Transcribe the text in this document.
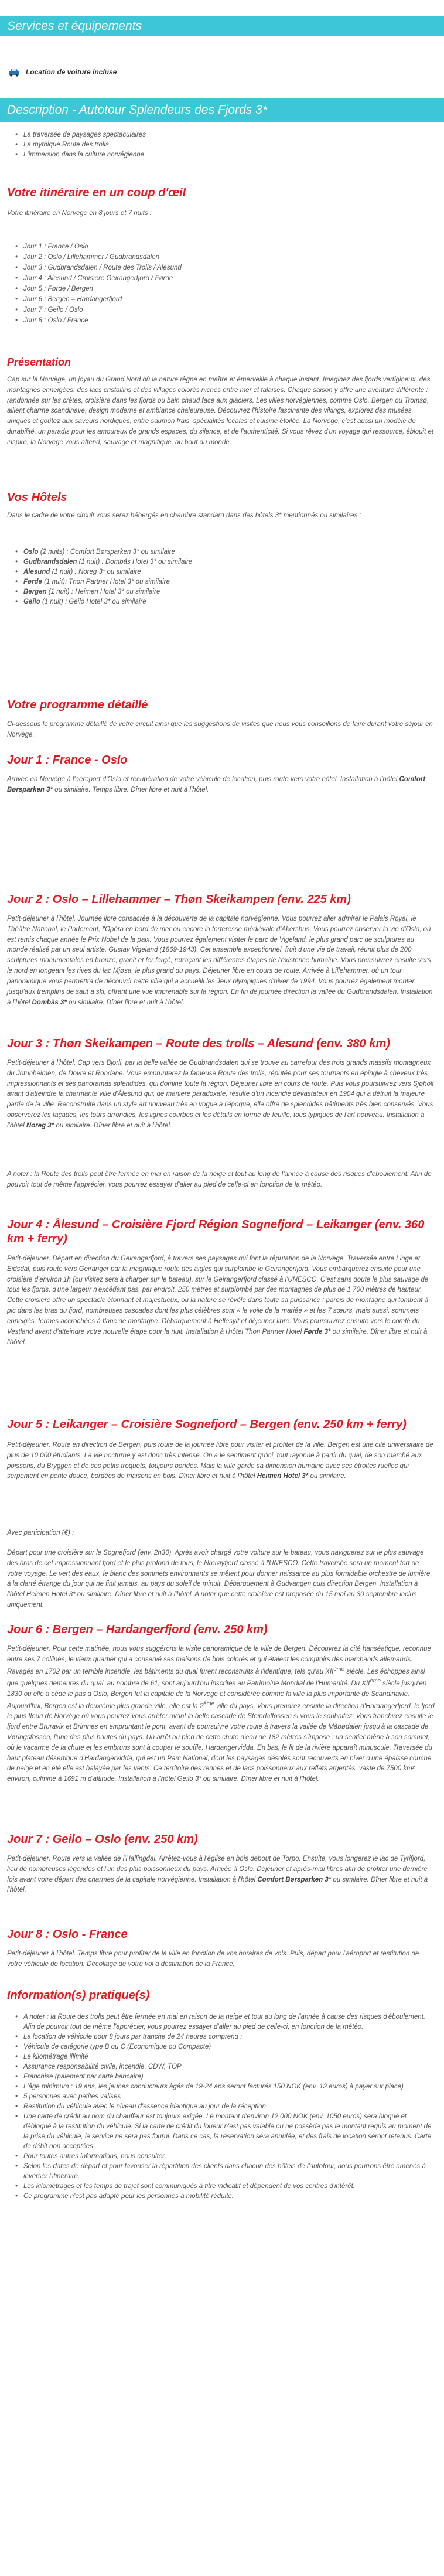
Services et équipements
Location de voiture incluse
Description - Autotour Splendeurs des Fjords 3*
• La traversée de paysages spectaculaires
• La mythique Route des trolls
• L'immersion dans la culture norvégienne
Votre itinéraire en un coup d'œil

Votre itinéraire en Norvège en 8 jours et 7 nuits :

• Jour 1 : France / Oslo
• Jour 2 : Oslo / Lillehammer / Gudbrandsdalen
• Jour 3 : Gudbrandsdalen / Route des Trolls / Alesund
• Jour 4 : Alesund / Croisière Geirangerfjord / Førde
• Jour 5 : Førde / Bergen
• Jour 6 : Bergen – Hardangerfjord
• Jour 7 : Geilo / Oslo
• Jour 8 : Oslo / France
Présentation

Cap sur la Norvège, un joyau du Grand Nord où la nature règne en maître et émerveille à chaque instant. Imaginez des fjords vertigineux, des montagnes enneigées, des lacs cristallins et des villages colorés nichés entre mer et falaises. Chaque saison y offre une aventure différente : randonnée sur les crêtes, croisière dans les fjords ou bain chaud face aux glaciers. Les villes norvégiennes, comme Oslo, Bergen ou Tromsø, allient charme scandinave, design moderne et ambiance chaleureuse. Découvrez l'histoire fascinante des vikings, explorez des musées uniques et goûtez aux saveurs nordiques, entre saumon frais, spécialités locales et cuisine étoilée. La Norvège, c'est aussi un modèle de durabilité, un paradis pour les amoureux de grands espaces, du silence, et de l'authenticité. Si vous rêvez d'un voyage qui ressource, éblouit et inspire, la Norvège vous attend, sauvage et magnifique, au bout du monde.

Vos Hôtels

Dans le cadre de votre circuit vous serez hébergés en chambre standard dans des hôtels 3* mentionnés ou similaires :

• Oslo (2 nuits) : Comfort Børsparken 3* ou similaire
• Gudbrandsdalen (1 nuit) : Dombås Hotel 3* ou similaire
• Alesund (1 nuit) : Noreg 3* ou similaire
• Førde (1 nuit): Thon Partner Hotel 3* ou similaire
• Bergen (1 nuit) : Heimen Hotel 3* ou similaire
• Geilo (1 nuit) : Geilo Hotel 3* ou similaire
Votre programme détaillé

Ci-dessous le programme détaillé de votre circuit ainsi que les suggestions de visites que nous vous conseillons de faire durant votre séjour en Norvège.

Jour 1 : France - Oslo

Arrivée en Norvège à l'aéroport d'Oslo et récupération de votre véhicule de location, puis route vers votre hôtel. Installation à l'hôtel Comfort Børsparken 3* ou similaire. Temps libre. Dîner libre et nuit à l'hôtel.

Jour 2 : Oslo – Lillehammer – Thøn Skeikampen (env. 225 km)

Petit-déjeuner à l'hôtel. Journée libre consacrée à la découverte de la capitale norvégienne. Vous pourrez aller admirer le Palais Royal, le Théâtre National, le Parlement, l'Opéra en bord de mer ou encore la forteresse médiévale d'Akershus. Vous pourrez observer la vie d'Oslo, où est remis chaque année le Prix Nobel de la paix. Vous pourrez également visiter le parc de Vigeland, le plus grand parc de sculptures au monde réalisé par un seul artiste, Gustav Vigeland (1869-1943). Cet ensemble exceptionnel, fruit d'une vie de travail, réunit plus de 200 sculptures monumentales en bronze, granit et fer forgé, retraçant les différentes étapes de l'existence humaine. Vous poursuivrez ensuite vers le nord en longeant les rives du lac Mjøsa, le plus grand du pays. Déjeuner libre en cours de route. Arrivée à Lillehammer, où un tour panoramique vous permettra de découvrir cette ville qui a accueilli les Jeux olympiques d'hiver de 1994. Vous pourrez également monter jusqu'aux tremplins de saut à ski, offrant une vue imprenable sur la région. En fin de journée direction la vallée du Gudbrandsdalen. Installation à l'hôtel Dombås 3* ou similaire. Dîner libre et nuit à l'hôtel.

Jour 3 : Thøn Skeikampen – Route des trolls – Alesund (env. 380 km)

Petit-déjeuner à l'hôtel. Cap vers Bjorli, par la belle vallée de Gudbrandsdalen qui se trouve au carrefour des trois grands massifs montagneux du Jotunheimen, de Dovre et Rondane. Vous emprunterez la fameuse Route des trolls, réputée pour ses tournants en épingle à cheveux très impressionnants et ses panoramas splendides, qui domine toute la région. Déjeuner libre en cours de route. Puis vous poursuivrez vers Sjøholt avant d'atteindre la charmante ville d'Ålesund qui, de manière paradoxale, résulte d'un incendie dévastateur en 1904 qui a détruit la majeure partie de la ville. Reconstruite dans un style art nouveau très en vogue à l'époque, elle offre de splendides bâtiments très bien conservés. Vous observerez les façades, les tours arrondies, les lignes courbes et les détails en forme de feuille, tous typiques de l'art nouveau. Installation à l'hôtel Noreg 3* ou similaire. Dîner libre et nuit à l'hôtel.

A noter : la Route des trolls peut être fermée en mai en raison de la neige et tout au long de l'année à cause des risques d'éboulement. Afin de pouvoir tout de même l'apprécier, vous pourrez essayer d'aller au pied de celle-ci en fonction de la météo.

Jour 4 : Ålesund – Croisière Fjord Région Sognefjord – Leikanger (env. 360 km + ferry)

Petit-déjeuner. Départ en direction du Geirangerfjord, à travers ses paysages qui font la réputation de la Norvège. Traversée entre Linge et Eidsdal, puis route vers Geiranger par la magnifique route des aigles qui surplombe le Geirangerfjord. Vous embarquerez ensuite pour une croisière d'environ 1h (ou visitez sera à charger sur le bateau), sur le Geirangerfjord classé à l'UNESCO. C'est sans doute le plus sauvage de tous les fjords, d'une largeur n'excédant pas, par endroit, 250 mètres et surplombé par des montagnes de plus de 1 700 mètres de hauteur. Cette croisière offre un spectacle étonnant et majestueux, où la nature se révèle dans toute sa puissance : parois de montagne qui tombent à pic dans les bras du fjord, nombreuses cascades dont les plus célèbres sont « le voile de la mariée » et les 7 sœurs, mais aussi, sommets enneigés, fermes accrochées à flanc de montagne. Débarquement à Hellesylt et déjeuner libre. Vous poursuivrez ensuite vers le comté du Vestland avant d'atteindre votre nouvelle étape pour la nuit. Installation à l'hôtel Thon Partner Hotel Førde 3* ou similaire. Dîner libre et nuit à l'hôtel.

Jour 5 : Leikanger – Croisière Sognefjord – Bergen (env. 250 km + ferry)

Petit-déjeuner. Route en direction de Bergen, puis route de la journée libre pour visiter et profiter de la ville. Bergen est une cité universitaire de plus de 10 000 étudiants. La vie nocturne y est donc très intense. On a le sentiment qu'ici, tout rayonne à partir du quai, de son marché aux poissons, du Bryggen et de ses petits troquets, toujours bondés. Mais la ville garde sa dimension humaine avec ses étroites ruelles qui serpentent en pente douce, bordées de maisons en bois. Dîner libre et nuit à l'hôtel Heimen Hotel 3* ou similaire.

Avec participation (€) :

Départ pour une croisière sur le Sognefjord (env. 2h30). Après avoir chargé votre voiture sur le bateau, vous naviguerez sur le plus sauvage des bras de cet impressionnant fjord et le plus profond de tous, le Nærøyfjord classé à l'UNESCO. Cette traversée sera un moment fort de votre voyage. Le vert des eaux, le blanc des sommets environnants se mêlent pour donner naissance au plus formidable orchestre de lumière, à la clarté étrange du jour qui ne finit jamais, au pays du soleil de minuit. Débarquement à Gudvangen puis direction Bergen. Installation à l'hôtel Heimen Hotel 3* ou similaire. Dîner libre et nuit à l'hôtel. A noter que cette croisière est proposée du 15 mai au 30 septembre inclus uniquement.

Jour 6 : Bergen – Hardangerfjord (env. 250 km)

Petit-déjeuner. Pour cette matinée, nous vous suggérons la visite panoramique de la ville de Bergen. Découvrez la cité hanséatique, reconnue entre ses 7 collines, le vieux quartier qui a conservé ses maisons de bois colorés et qui étaient les comptoirs des marchands allemands. Ravagés en 1702 par un terrible incendie, les bâtiments du quai furent reconstruits à l'identique, tels qu'au XIIème siècle. Les échoppes ainsi que quelques demeures du quai, au nombre de 61, sont aujourd'hui inscrites au Patrimoine Mondial de l'Humanité. Du XIIème siècle jusqu'en 1830 ou elle a cédé le pas à Oslo, Bergen fut la capitale de la Norvège et considérée comme la ville la plus importante de Scandinavie. Aujourd'hui, Bergen est la deuxième plus grande ville, elle est la 2ème ville du pays. Vous prendrez ensuite la direction d'Hardangerfjord, le fjord le plus fleuri de Norvège où vous pourrez vous arrêter avant la belle cascade de Steindalfossen si vous le souhaitez. Vous franchirez ensuite le fjord entre Bruravik et Brimnes en empruntant le pont, avant de poursuivre votre route à travers la vallée de Måbødalen jusqu'à la cascade de Vøringsfossen, l'une des plus hautes du pays. Un arrêt au pied de cette chute d'eau de 182 mètres s'impose : un sentier mène à son sommet, où le vacarme de la chute et les embruns sont à couper le souffle. Hardangervidda. En bas, le lit de la rivière apparaît minuscule. Traversée du haut plateau désertique d'Hardangervidda, qui est un Parc National, dont les paysages désolés sont recouverts en hiver d'une épaisse couche de neige et en été elle est balayée par les vents. Ce territoire des rennes et de lacs poissonneux aux reflets argentés, vaste de 7500 km² environ, culmine à 1691 m d'altitude. Installation à l'hôtel Geilo 3* ou similaire. Dîner libre et nuit à l'hôtel.

Jour 7 : Geilo – Oslo (env. 250 km)

Petit-déjeuner. Route vers la vallée de l'Hallingdal. Arrêtez-vous à l'église en bois debout de Torpo. Ensuite, vous longerez le lac de Tyrifjord, lieu de nombreuses légendes et l'un des plus poissonneux du pays. Arrivée à Oslo. Déjeuner et après-midi libres afin de profiter une dernière fois avant votre départ des charmes de la capitale norvégienne. Installation à l'hôtel Comfort Børsparken 3* ou similaire. Dîner libre et nuit à l'hôtel.

Jour 8 : Oslo - France

Petit-déjeuner à l'hôtel. Temps libre pour profiter de la ville en fonction de vos horaires de vols. Puis, départ pour l'aéroport et restitution de votre véhicule de location. Décollage de votre vol à destination de la France.

Information(s) pratique(s)
• A noter : la Route des trolls peut être fermée en mai en raison de la neige et tout au long de l'année à cause des risques d'éboulement. Afin de pouvoir tout de même l'apprécier, vous pourrez essayer d'aller au pied de celle-ci, en fonction de la météo.
• La location de véhicule pour 8 jours par tranche de 24 heures comprend :
• Véhicule de catégorie type B ou C (Economique ou Compacte)
• Le kilométrage illimité
• Assurance responsabilité civile, incendie, CDW, TOP
• Franchise (paiement par carte bancaire)
• L'âge minimum : 19 ans, les jeunes conducteurs âgés de 19-24 ans seront facturés 150 NOK (env. 12 euros) à payer sur place)
• 5 personnes avec petites valises
• Restitution du véhicule avec le niveau d'essence identique au jour de la réception
• Une carte de crédit au nom du chauffeur est toujours exigée. Le montant d'environ 12 000 NOK (env. 1050 euros) sera bloqué et débloqué à la restitution du véhicule. Si la carte de crédit du loueur n'est pas valable ou ne possède pas le montant requis au moment de la prise du véhicule, le service ne sera pas fourni. Dans ce cas, la réservation sera annulée, et des frais de location seront retenus. Carte de débit non acceptées.
• Pour toutes autres informations, nous consulter.
• Selon les dates de départ et pour favoriser la répartition des clients dans chacun des hôtels de l'autotour, nous pourrons être amenés à inverser l'itinéraire.
• Les kilométrages et les temps de trajet sont communiqués à titre indicatif et dépendent de vos centres d'intérêt.
• Ce programme n'est pas adapté pour les personnes à mobilité réduite.
